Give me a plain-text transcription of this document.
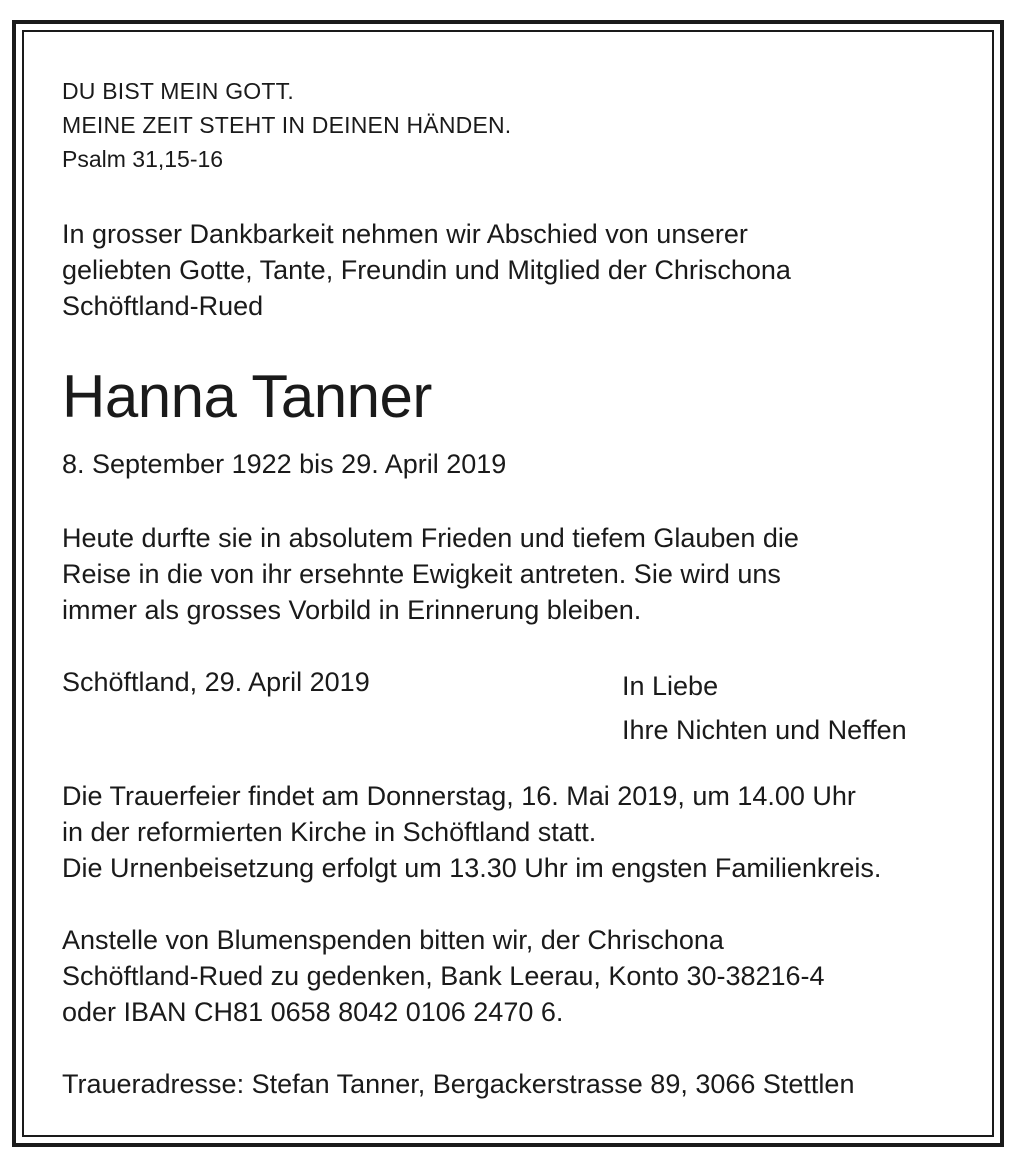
DU BIST MEIN GOTT.

MEINE ZEIT STEHT IN DEINEN HÄNDEN.

Psalm 31,15-16

In grosser Dankbarkeit nehmen wir Abschied von unserer

geliebten Gotte, Tante, Freundin und Mitglied der Chrischona

Schöftland-Rued

Hanna Tanner

8. September 1922 bis 29. April 2019

Heute durfte sie in absolutem Frieden und tiefem Glauben die

Reise in die von ihr ersehnte Ewigkeit antreten. Sie wird uns

immer als grosses Vorbild in Erinnerung bleiben.

Schöftland, 29. April 2019	In Liebe

Ihre Nichten und Neffen

Die Trauerfeier findet am Donnerstag, 16. Mai 2019, um 14.00 Uhr

in der reformierten Kirche in Schöftland statt.

Die Urnenbeisetzung erfolgt um 13.30 Uhr im engsten Familienkreis.

Anstelle von Blumenspenden bitten wir, der Chrischona

Schöftland-Rued zu gedenken, Bank Leerau, Konto 30-38216-4

oder IBAN CH81 0658 8042 0106 2470 6.

Traueradresse: Stefan Tanner, Bergackerstrasse 89, 3066 Stettlen
